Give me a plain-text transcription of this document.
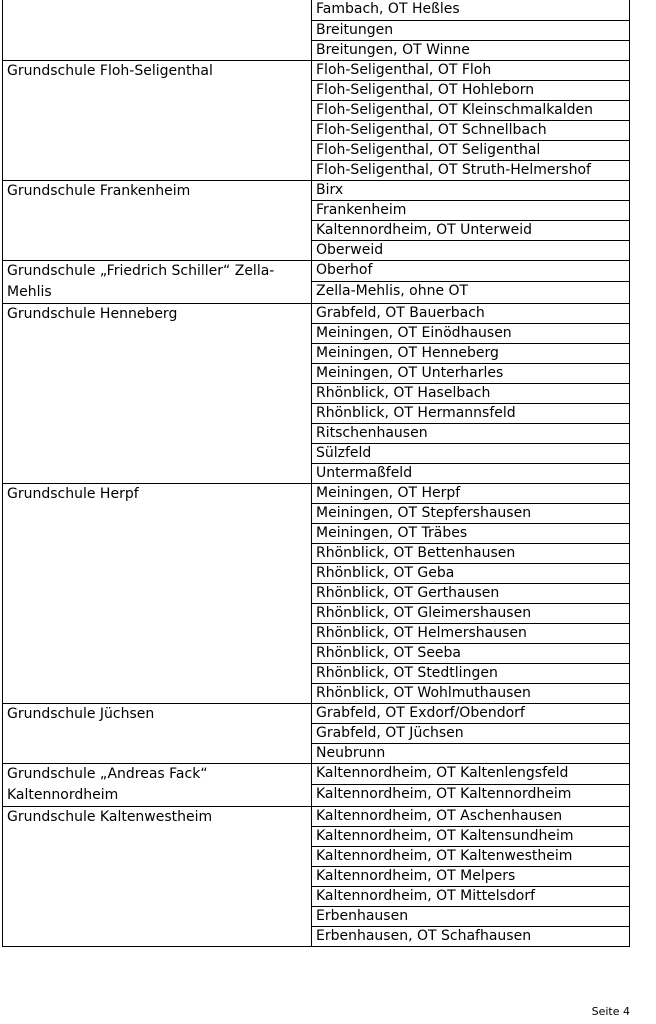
	Fambach, OT Heßles
	Breitungen
	Breitungen, OT Winne
Grundschule Floh-Seligenthal	Floh-Seligenthal, OT Floh
	Floh-Seligenthal, OT Hohleborn
	Floh-Seligenthal, OT Kleinschmalkalden
	Floh-Seligenthal, OT Schnellbach
	Floh-Seligenthal, OT Seligenthal
	Floh-Seligenthal, OT Struth-Helmershof
Grundschule Frankenheim	Birx
	Frankenheim
	Kaltennordheim, OT Unterweid
	Oberweid
Grundschule „Friedrich Schiller“ Zella-Mehlis	Oberhof
	Zella-Mehlis, ohne OT
Grundschule Henneberg	Grabfeld, OT Bauerbach
	Meiningen, OT Einödhausen
	Meiningen, OT Henneberg
	Meiningen, OT Unterharles
	Rhönblick, OT Haselbach
	Rhönblick, OT Hermannsfeld
	Ritschenhausen
	Sülzfeld
	Untermaßfeld
Grundschule Herpf	Meiningen, OT Herpf
	Meiningen, OT Stepfershausen
	Meiningen, OT Träbes
	Rhönblick, OT Bettenhausen
	Rhönblick, OT Geba
	Rhönblick, OT Gerthausen
	Rhönblick, OT Gleimershausen
	Rhönblick, OT Helmershausen
	Rhönblick, OT Seeba
	Rhönblick, OT Stedtlingen
	Rhönblick, OT Wohlmuthausen
Grundschule Jüchsen	Grabfeld, OT Exdorf/Obendorf
	Grabfeld, OT Jüchsen
	Neubrunn
Grundschule „Andreas Fack“ Kaltennordheim	Kaltennordheim, OT Kaltenlengsfeld
	Kaltennordheim, OT Kaltennordheim
Grundschule Kaltenwestheim	Kaltennordheim, OT Aschenhausen
	Kaltennordheim, OT Kaltensundheim
	Kaltennordheim, OT Kaltenwestheim
	Kaltennordheim, OT Melpers
	Kaltennordheim, OT Mittelsdorf
	Erbenhausen
	Erbenhausen, OT Schafhausen
Seite 4
